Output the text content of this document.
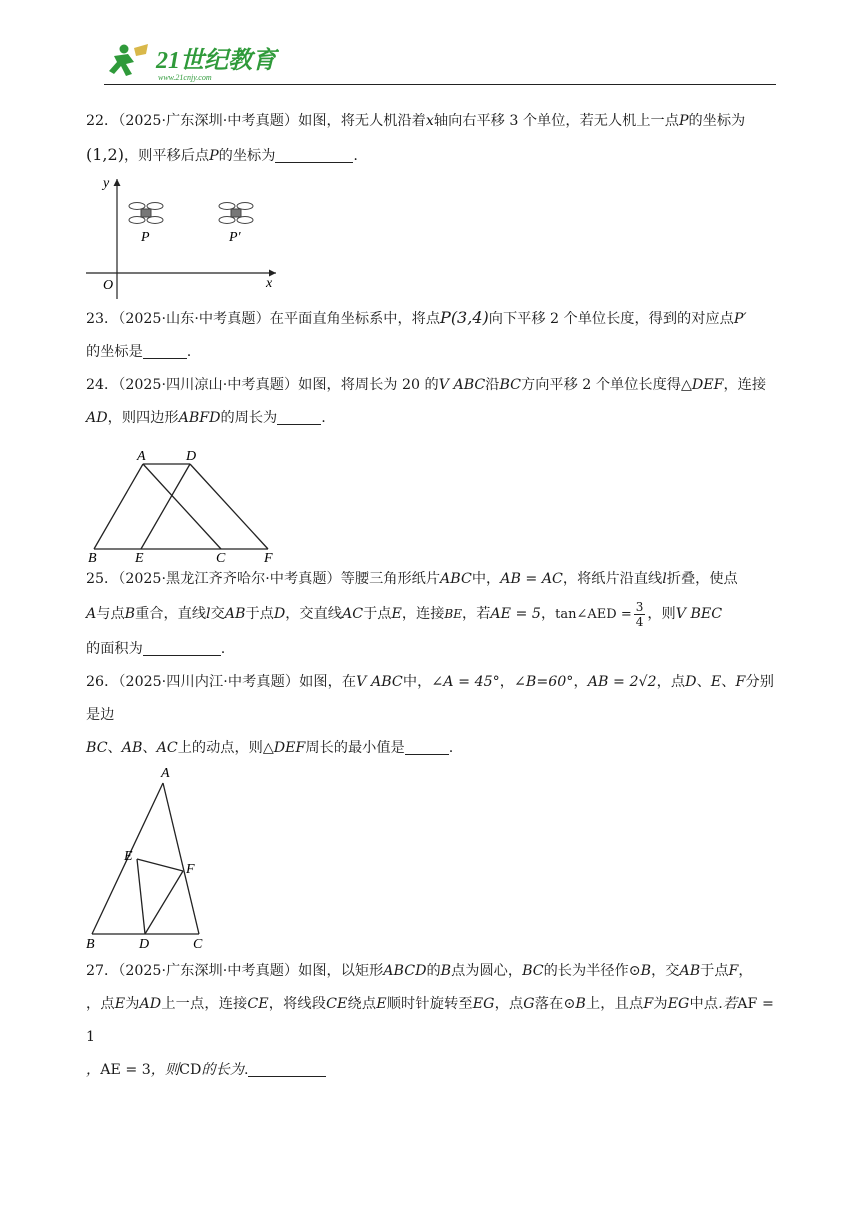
21世纪教育
www.21cnjy.com

22．（2025·广东深圳·中考真题）如图，将无人机沿着x轴向右平移 3 个单位，若无人机上一点P的坐标为

(1,2)，则平移后点P的坐标为	.

y
x
O
P	P′

23．（2025·山东·中考真题）在平面直角坐标系中，将点P(3,4)向下平移 2 个单位长度，得到的对应点P′

的坐标是	.

24．（2025·四川凉山·中考真题）如图，将周长为 20 的V ABC沿BC方向平移 2 个单位长度得△DEF，连接

AD，则四边形ABFD的周长为	.

A	D
B	E	C	F

25．（2025·黑龙江齐齐哈尔·中考真题）等腰三角形纸片ABC中，AB = AC，将纸片沿直线l折叠，使点

A与点B重合，直线l交AB于点D，交直线AC于点E，连接BE，若AE = 5，tan∠AED = $\frac{3}{4}$ ，则V BEC

的面积为	.

26．（2025·四川内江·中考真题）如图，在V ABC中，∠A = 45°，∠B=60°，AB = 2√2，点D、E、F分别是边

BC、AB、AC上的动点，则△DEF周长的最小值是	.

A
E
F
B	D	C

27．（2025·广东深圳·中考真题）如图，以矩形ABCD的B点为圆心，BC的长为半径作⊙B，交AB于点F，

，点E为AD上一点，连接CE，将线段CE绕点E顺时针旋转至EG，点G落在⊙B上，且点F为EG中点.若AF = 1

，AE = 3，则CD的长为.
